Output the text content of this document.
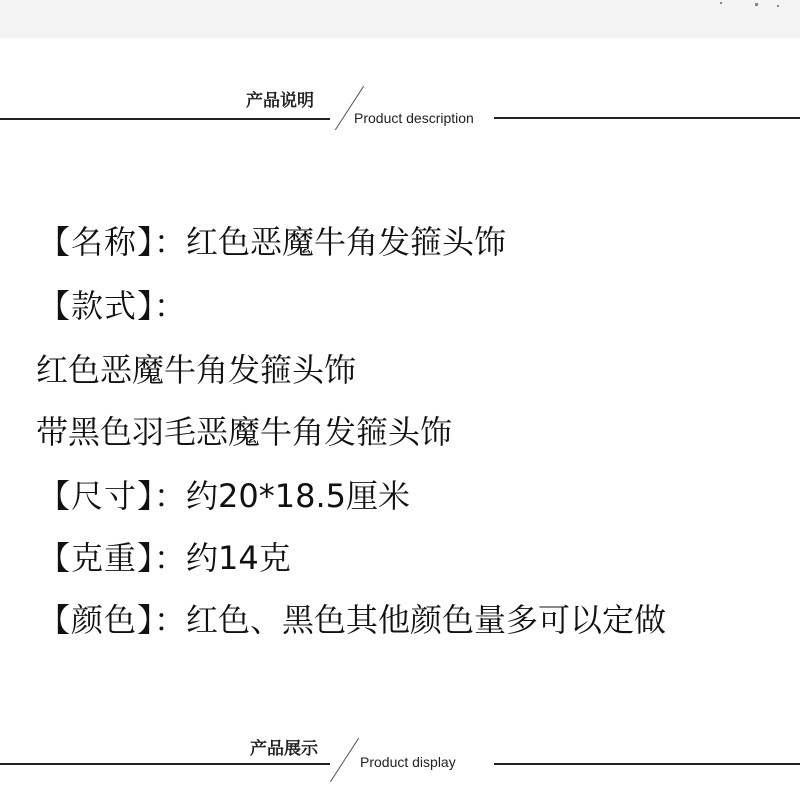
产品说明
Product description
【名称】：红色恶魔牛角发箍头饰
【款式】：
红色恶魔牛角发箍头饰
带黑色羽毛恶魔牛角发箍头饰
【尺寸】：约20*18.5厘米
【克重】：约14克
【颜色】：红色、黑色其他颜色量多可以定做
产品展示
Product display
